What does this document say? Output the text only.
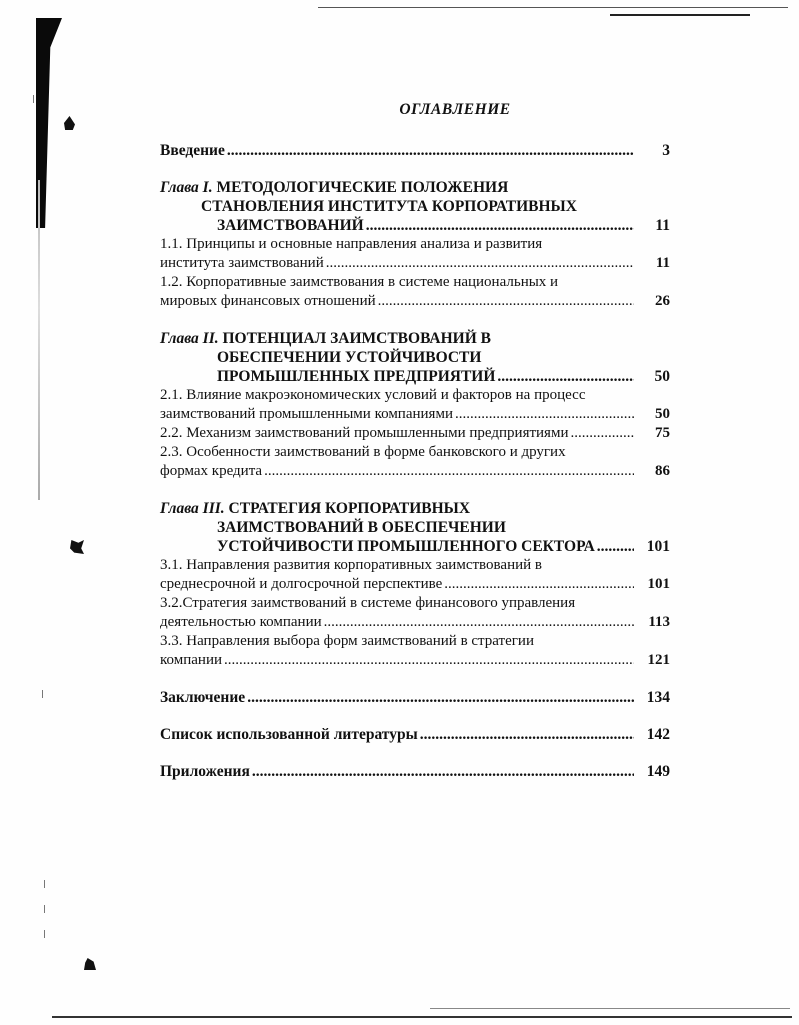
ОГЛАВЛЕНИЕ
Введение .....	3
Глава I. МЕТОДОЛОГИЧЕСКИЕ ПОЛОЖЕНИЯ
СТАНОВЛЕНИЯ ИНСТИТУТА КОРПОРАТИВНЫХ
ЗАИМСТВОВАНИЙ .....	11
1.1. Принципы и основные направления анализа и развития
института заимствований .....	11
1.2. Корпоративные заимствования в системе национальных и
мировых финансовых отношений .....	26
Глава II. ПОТЕНЦИАЛ ЗАИМСТВОВАНИЙ В
ОБЕСПЕЧЕНИИ УСТОЙЧИВОСТИ
ПРОМЫШЛЕННЫХ ПРЕДПРИЯТИЙ .....	50
2.1. Влияние макроэкономических условий и факторов на процесс
заимствований промышленными компаниями .....	50
2.2. Механизм заимствований промышленными предприятиями .....	75
2.3. Особенности заимствований в форме банковского и других
формах кредита .....	86
Глава III. СТРАТЕГИЯ КОРПОРАТИВНЫХ
ЗАИМСТВОВАНИЙ В ОБЕСПЕЧЕНИИ
УСТОЙЧИВОСТИ ПРОМЫШЛЕННОГО СЕКТОРА .....	101
3.1. Направления развития корпоративных заимствований в
среднесрочной и долгосрочной перспективе .....	101
3.2.Стратегия заимствований в системе финансового управления
деятельностью компании .....	113
3.3. Направления выбора форм заимствований в стратегии
компании .....	121
Заключение .....	134
Список использованной литературы .....	142
Приложения .....	149
